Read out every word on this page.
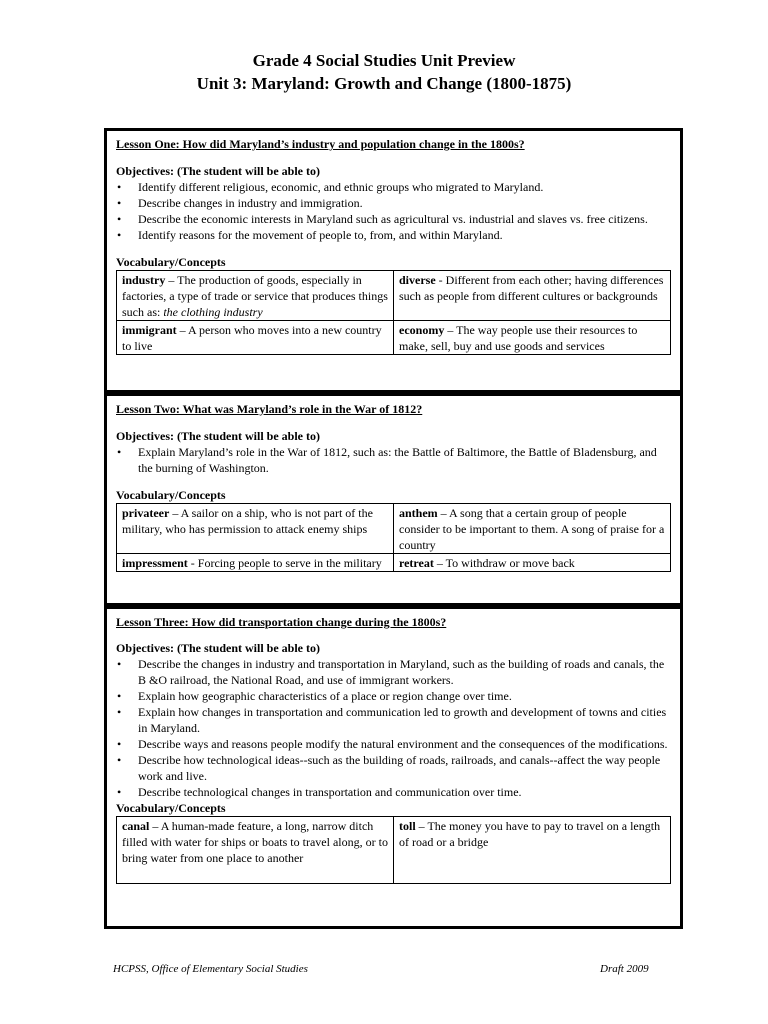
Grade 4 Social Studies Unit Preview
Unit 3: Maryland: Growth and Change (1800-1875)
Lesson One: How did Maryland’s industry and population change in the 1800s?
Objectives: (The student will be able to)
• Identify different religious, economic, and ethnic groups who migrated to Maryland.
• Describe changes in industry and immigration.
• Describe the economic interests in Maryland such as agricultural vs. industrial and slaves vs. free citizens.
• Identify reasons for the movement of people to, from, and within Maryland.
Vocabulary/Concepts
industry – The production of goods, especially in factories, a type of trade or service that produces things such as: the clothing industry	diverse - Different from each other; having differences such as people from different cultures or backgrounds
immigrant – A person who moves into a new country to live	economy – The way people use their resources to make, sell, buy and use goods and services
Lesson Two: What was Maryland’s role in the War of 1812?
Objectives: (The student will be able to)
• Explain Maryland’s role in the War of 1812, such as: the Battle of Baltimore, the Battle of Bladensburg, and the burning of Washington.
Vocabulary/Concepts
privateer – A sailor on a ship, who is not part of the military, who has permission to attack enemy ships	anthem – A song that a certain group of people consider to be important to them. A song of praise for a country
impressment - Forcing people to serve in the military	retreat – To withdraw or move back
Lesson Three: How did transportation change during the 1800s?
Objectives: (The student will be able to)
• Describe the changes in industry and transportation in Maryland, such as the building of roads and canals, the B &O railroad, the National Road, and use of immigrant workers.
• Explain how geographic characteristics of a place or region change over time.
• Explain how changes in transportation and communication led to growth and development of towns and cities in Maryland.
• Describe ways and reasons people modify the natural environment and the consequences of the modifications.
• Describe how technological ideas--such as the building of roads, railroads, and canals--affect the way people work and live.
• Describe technological changes in transportation and communication over time.
Vocabulary/Concepts
canal – A human-made feature, a long, narrow ditch filled with water for ships or boats to travel along, or to bring water from one place to another	toll – The money you have to pay to travel on a length of road or a bridge
HCPSS, Office of Elementary Social Studies	Draft 2009
